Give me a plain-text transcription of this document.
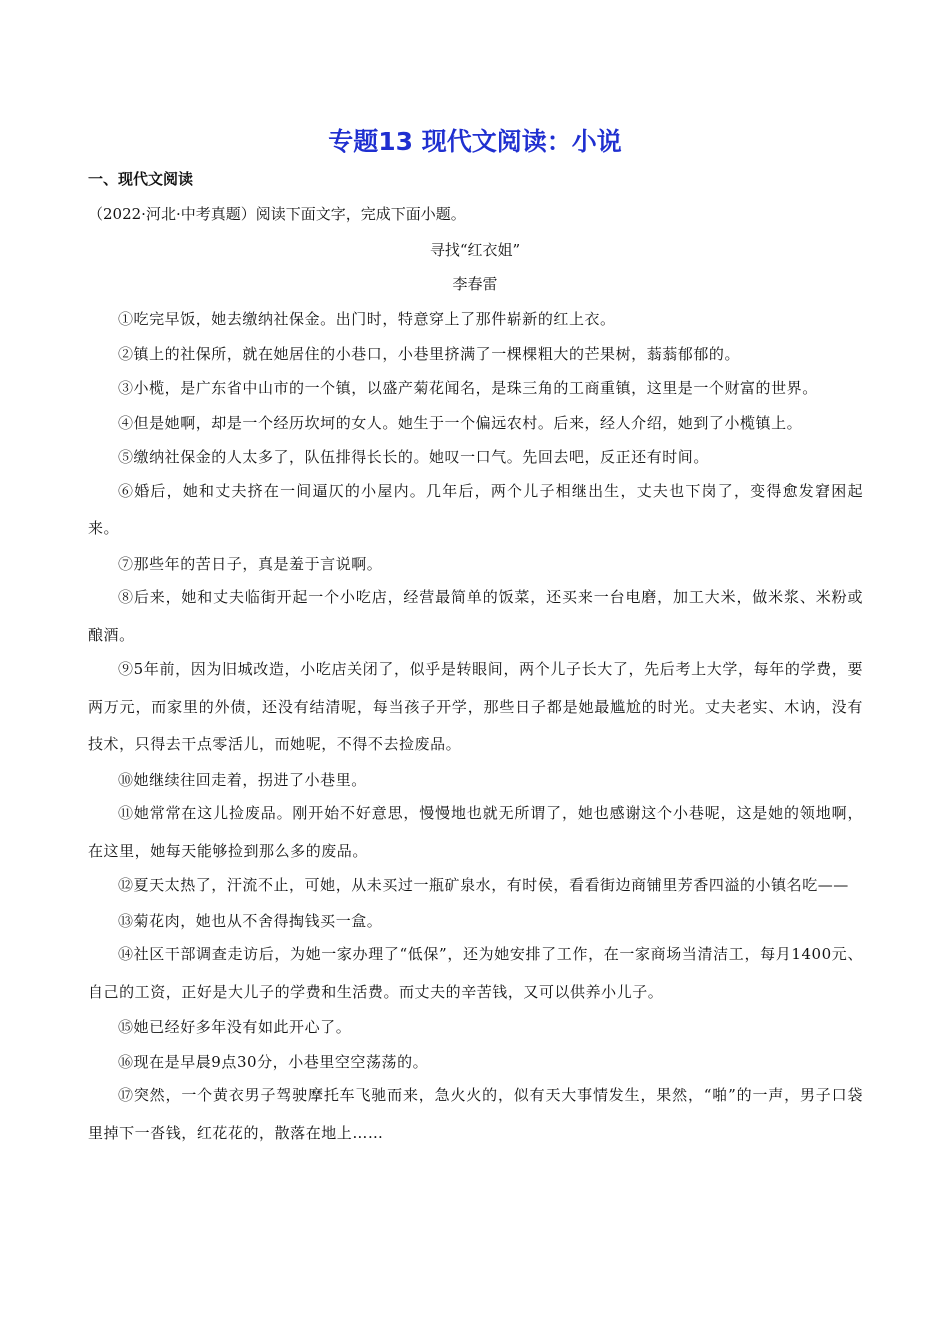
专题13 现代文阅读：小说
一、现代文阅读

（2022·河北·中考真题）阅读下面文字，完成下面小题。

寻找“红衣姐”

李春雷

①吃完早饭，她去缴纳社保金。出门时，特意穿上了那件崭新的红上衣。

②镇上的社保所，就在她居住的小巷口，小巷里挤满了一棵棵粗大的芒果树，蓊蓊郁郁的。

③小榄，是广东省中山市的一个镇，以盛产菊花闻名，是珠三角的工商重镇，这里是一个财富的世界。

④但是她啊，却是一个经历坎坷的女人。她生于一个偏远农村。后来，经人介绍，她到了小榄镇上。

⑤缴纳社保金的人太多了，队伍排得长长的。她叹一口气。先回去吧，反正还有时间。

⑥婚后，她和丈夫挤在一间逼仄的小屋内。几年后，两个儿子相继出生，丈夫也下岗了，变得愈发窘困起来。

⑦那些年的苦日子，真是羞于言说啊。

⑧后来，她和丈夫临街开起一个小吃店，经营最简单的饭菜，还买来一台电磨，加工大米，做米浆、米粉或酿酒。

⑨5年前，因为旧城改造，小吃店关闭了，似乎是转眼间，两个儿子长大了，先后考上大学，每年的学费，要两万元，而家里的外债，还没有结清呢，每当孩子开学，那些日子都是她最尴尬的时光。丈夫老实、木讷，没有技术，只得去干点零活儿，而她呢，不得不去捡废品。

⑩她继续往回走着，拐进了小巷里。

⑪她常常在这儿捡废品。刚开始不好意思，慢慢地也就无所谓了，她也感谢这个小巷呢，这是她的领地啊，在这里，她每天能够捡到那么多的废品。

⑫夏天太热了，汗流不止，可她，从未买过一瓶矿泉水，有时侯，看看街边商铺里芳香四溢的小镇名吃——

⑬菊花肉，她也从不舍得掏钱买一盒。

⑭社区干部调查走访后，为她一家办理了“低保”，还为她安排了工作，在一家商场当清洁工，每月1400元、自己的工资，正好是大儿子的学费和生活费。而丈夫的辛苦钱，又可以供养小儿子。

⑮她已经好多年没有如此开心了。

⑯现在是早晨9点30分，小巷里空空荡荡的。

⑰突然，一个黄衣男子驾驶摩托车飞驰而来，急火火的，似有天大事情发生，果然，“啪”的一声，男子口袋里掉下一沓钱，红花花的，散落在地上……
